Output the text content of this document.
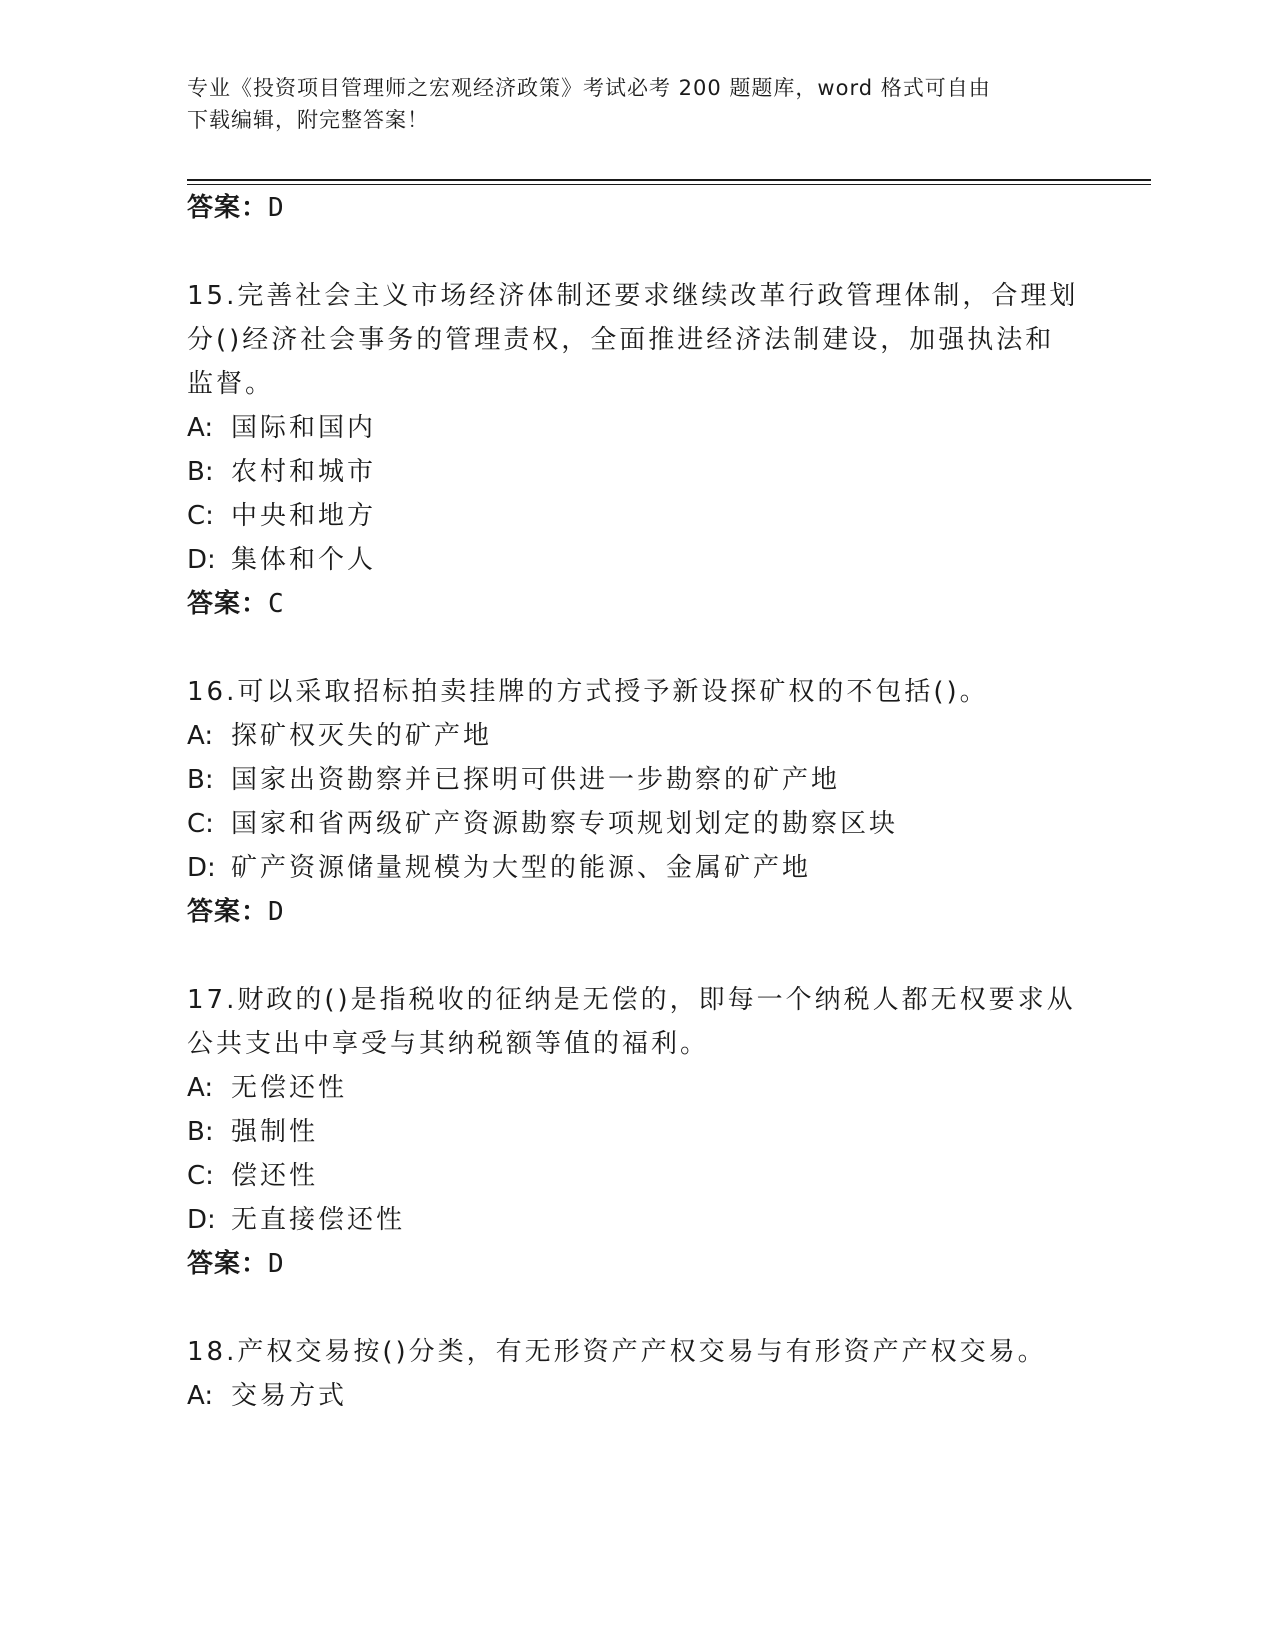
专业《投资项目管理师之宏观经济政策》考试必考 200 题题库，word 格式可自由
下载编辑，附完整答案！
答案：D
15.完善社会主义市场经济体制还要求继续改革行政管理体制，合理划
分()经济社会事务的管理责权，全面推进经济法制建设，加强执法和
监督。
A: 国际和国内
B: 农村和城市
C: 中央和地方
D: 集体和个人
答案：C
16.可以采取招标拍卖挂牌的方式授予新设探矿权的不包括()。
A: 探矿权灭失的矿产地
B: 国家出资勘察并已探明可供进一步勘察的矿产地
C: 国家和省两级矿产资源勘察专项规划划定的勘察区块
D: 矿产资源储量规模为大型的能源、金属矿产地
答案：D
17.财政的()是指税收的征纳是无偿的，即每一个纳税人都无权要求从
公共支出中享受与其纳税额等值的福利。
A: 无偿还性
B: 强制性
C: 偿还性
D: 无直接偿还性
答案：D
18.产权交易按()分类，有无形资产产权交易与有形资产产权交易。
A: 交易方式
